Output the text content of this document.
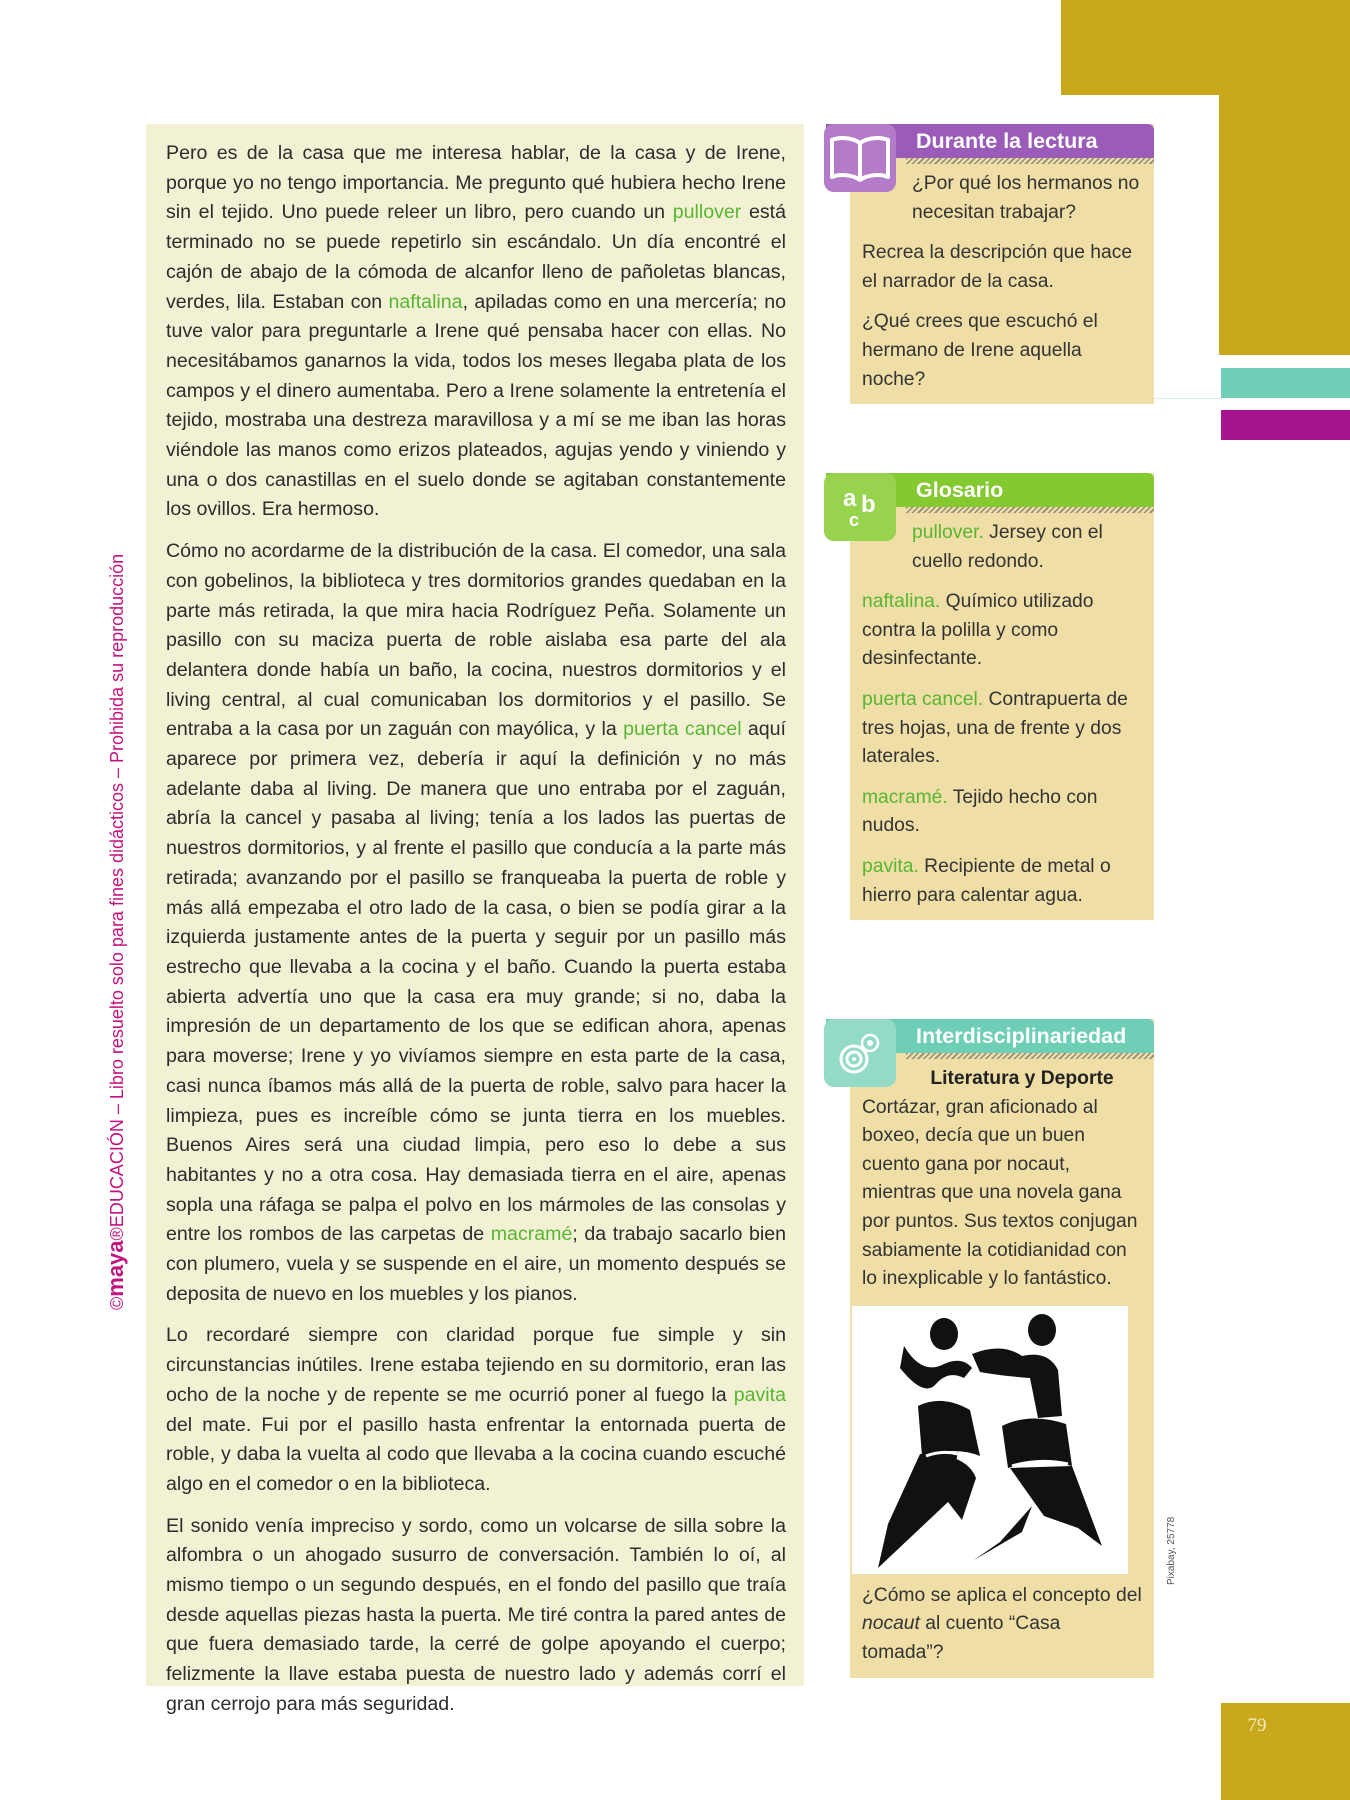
79
©maya®EDUCACIÓN – Libro resuelto solo para fines didácticos – Prohibida su reproducción

Pero es de la casa que me interesa hablar, de la casa y de Irene, porque yo no tengo importancia. Me pregunto qué hubiera hecho Irene sin el tejido. Uno puede releer un libro, pero cuando un pullover está terminado no se puede repetirlo sin escándalo. Un día encontré el cajón de abajo de la cómoda de alcanfor lleno de pañoletas blancas, verdes, lila. Estaban con naftalina, apiladas como en una mercería; no tuve valor para preguntarle a Irene qué pensaba hacer con ellas. No necesitábamos ganarnos la vida, todos los meses llegaba plata de los campos y el dinero aumentaba. Pero a Irene solamente la entretenía el tejido, mostraba una destreza maravillosa y a mí se me iban las horas viéndole las manos como erizos plateados, agujas yendo y viniendo y una o dos canastillas en el suelo donde se agitaban constantemente los ovillos. Era hermoso.

Cómo no acordarme de la distribución de la casa. El comedor, una sala con gobelinos, la biblioteca y tres dormitorios grandes quedaban en la parte más retirada, la que mira hacia Rodríguez Peña. Solamente un pasillo con su maciza puerta de roble aislaba esa parte del ala delantera donde había un baño, la cocina, nuestros dormitorios y el living central, al cual comunicaban los dormitorios y el pasillo. Se entraba a la casa por un zaguán con mayólica, y la puerta cancel aquí aparece por primera vez, debería ir aquí la definición y no más adelante daba al living. De manera que uno entraba por el zaguán, abría la cancel y pasaba al living; tenía a los lados las puertas de nuestros dormitorios, y al frente el pasillo que conducía a la parte más retirada; avanzando por el pasillo se franqueaba la puerta de roble y más allá empezaba el otro lado de la casa, o bien se podía girar a la izquierda justamente antes de la puerta y seguir por un pasillo más estrecho que llevaba a la cocina y el baño. Cuando la puerta estaba abierta advertía uno que la casa era muy grande; si no, daba la impresión de un departamento de los que se edifican ahora, apenas para moverse; Irene y yo vivíamos siempre en esta parte de la casa, casi nunca íbamos más allá de la puerta de roble, salvo para hacer la limpieza, pues es increíble cómo se junta tierra en los muebles. Buenos Aires será una ciudad limpia, pero eso lo debe a sus habitantes y no a otra cosa. Hay demasiada tierra en el aire, apenas sopla una ráfaga se palpa el polvo en los mármoles de las consolas y entre los rombos de las carpetas de macramé; da trabajo sacarlo bien con plumero, vuela y se suspende en el aire, un momento después se deposita de nuevo en los muebles y los pianos.

Lo recordaré siempre con claridad porque fue simple y sin circunstancias inútiles. Irene estaba tejiendo en su dormitorio, eran las ocho de la noche y de repente se me ocurrió poner al fuego la pavita del mate. Fui por el pasillo hasta enfrentar la entornada puerta de roble, y daba la vuelta al codo que llevaba a la cocina cuando escuché algo en el comedor o en la biblioteca.

El sonido venía impreciso y sordo, como un volcarse de silla sobre la alfombra o un ahogado susurro de conversación. También lo oí, al mismo tiempo o un segundo después, en el fondo del pasillo que traía desde aquellas piezas hasta la puerta. Me tiré contra la pared antes de que fuera demasiado tarde, la cerré de golpe apoyando el cuerpo; felizmente la llave estaba puesta de nuestro lado y además corrí el gran cerrojo para más seguridad.

Durante la lectura

¿Por qué los hermanos no necesitan trabajar?

Recrea la descripción que hace el narrador de la casa.

¿Qué crees que escuchó el hermano de Irene aquella noche?

a b
c
Glosario

pullover. Jersey con el cuello redondo.

naftalina. Químico utilizado contra la polilla y como desinfectante.

puerta cancel. Contrapuerta de tres hojas, una de frente y dos laterales.

macramé. Tejido hecho con nudos.

pavita. Recipiente de metal o hierro para calentar agua.

Interdisciplinariedad
Literatura y Deporte

Cortázar, gran aficionado al boxeo, decía que un buen cuento gana por nocaut, mientras que una novela gana por puntos. Sus textos conjugan sabiamente la cotidianidad con lo inexplicable y lo fantástico.

¿Cómo se aplica el concepto del nocaut al cuento “Casa tomada”?

Pixabay, 25778
